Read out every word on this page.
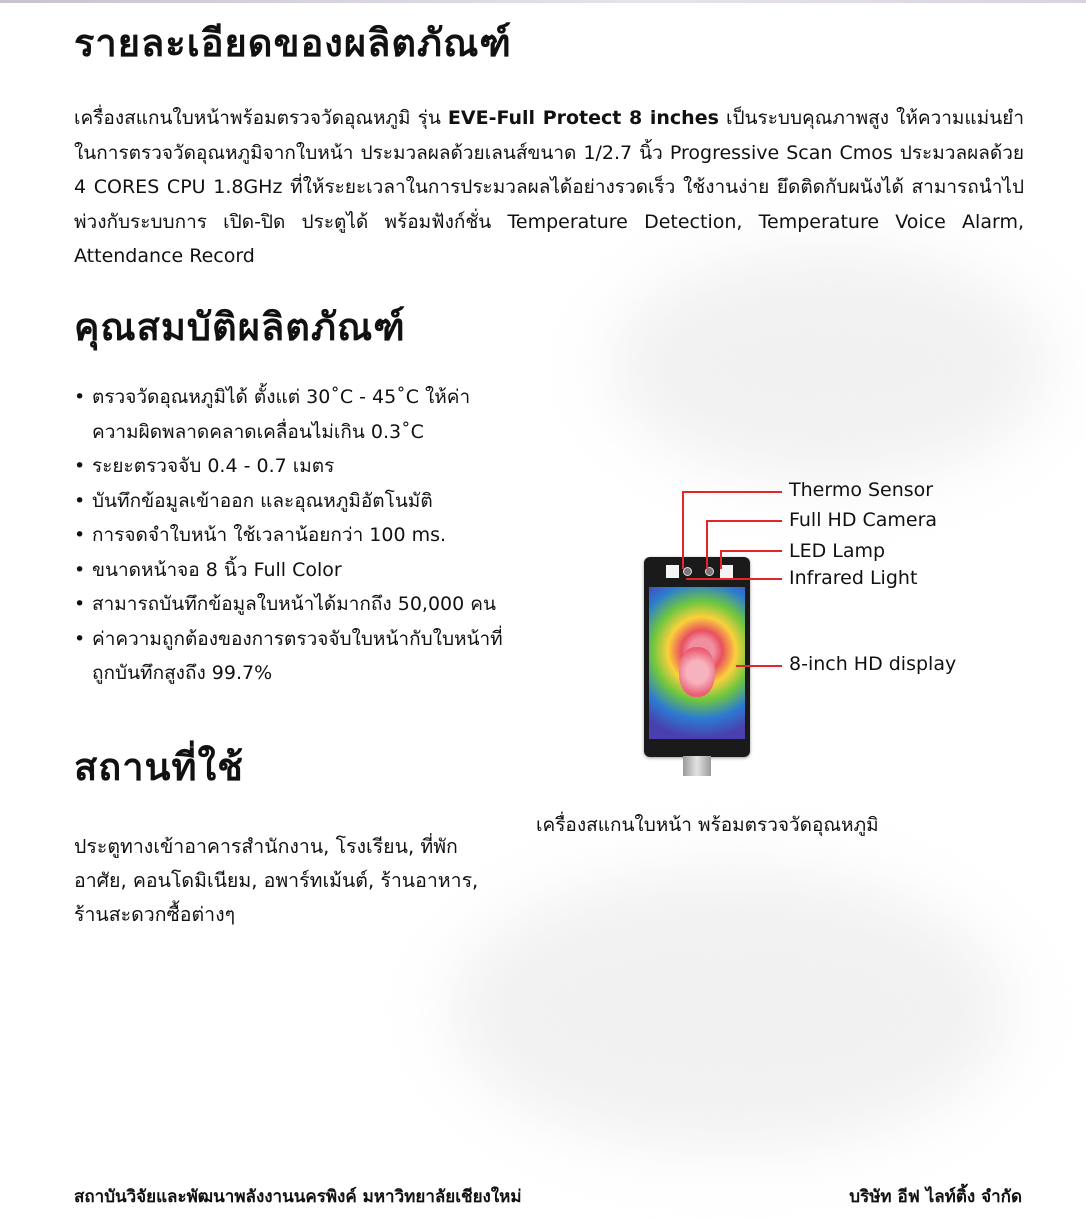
รายละเอียดของผลิตภัณฑ์
เครื่องสแกนใบหน้าพร้อมตรวจวัดอุณหภูมิ รุ่น EVE-Full Protect 8 inches เป็นระบบคุณภาพสูง ให้ความแม่นยำในการตรวจวัดอุณหภูมิจากใบหน้า ประมวลผลด้วยเลนส์ขนาด 1/2.7 นิ้ว Progressive Scan Cmos ประมวลผลด้วย 4 CORES CPU 1.8GHz ที่ให้ระยะเวลาในการประมวลผลได้อย่างรวดเร็ว ใช้งานง่าย ยึดติดกับผนังได้ สามารถนำไปพ่วงกับระบบการ เปิด-ปิด ประตูได้ พร้อมฟังก์ชั่น Temperature Detection, Temperature Voice Alarm, Attendance Record
คุณสมบัติผลิตภัณฑ์
• ตรวจวัดอุณหภูมิได้ ตั้งแต่ 30˚C - 45˚C ให้ค่าความผิดพลาดคลาดเคลื่อนไม่เกิน 0.3˚C
• ระยะตรวจจับ 0.4 - 0.7 เมตร
• บันทึกข้อมูลเข้าออก และอุณหภูมิอัตโนมัติ
• การจดจำใบหน้า ใช้เวลาน้อยกว่า 100 ms.
• ขนาดหน้าจอ 8 นิ้ว Full Color
• สามารถบันทึกข้อมูลใบหน้าได้มากถึง 50,000 คน
• ค่าความถูกต้องของการตรวจจับใบหน้ากับใบหน้าที่ถูกบันทึกสูงถึง 99.7%
สถานที่ใช้
ประตูทางเข้าอาคารสำนักงาน, โรงเรียน, ที่พักอาศัย, คอนโดมิเนียม, อพาร์ทเม้นต์, ร้านอาหาร, ร้านสะดวกซื้อต่างๆ
Thermo Sensor
Full HD Camera
LED Lamp
Infrared Light
8-inch HD display
เครื่องสแกนใบหน้า พร้อมตรวจวัดอุณหภูมิ
สถาบันวิจัยและพัฒนาพลังงานนครพิงค์ มหาวิทยาลัยเชียงใหม่	บริษัท อีฟ ไลท์ติ้ง จำกัด
